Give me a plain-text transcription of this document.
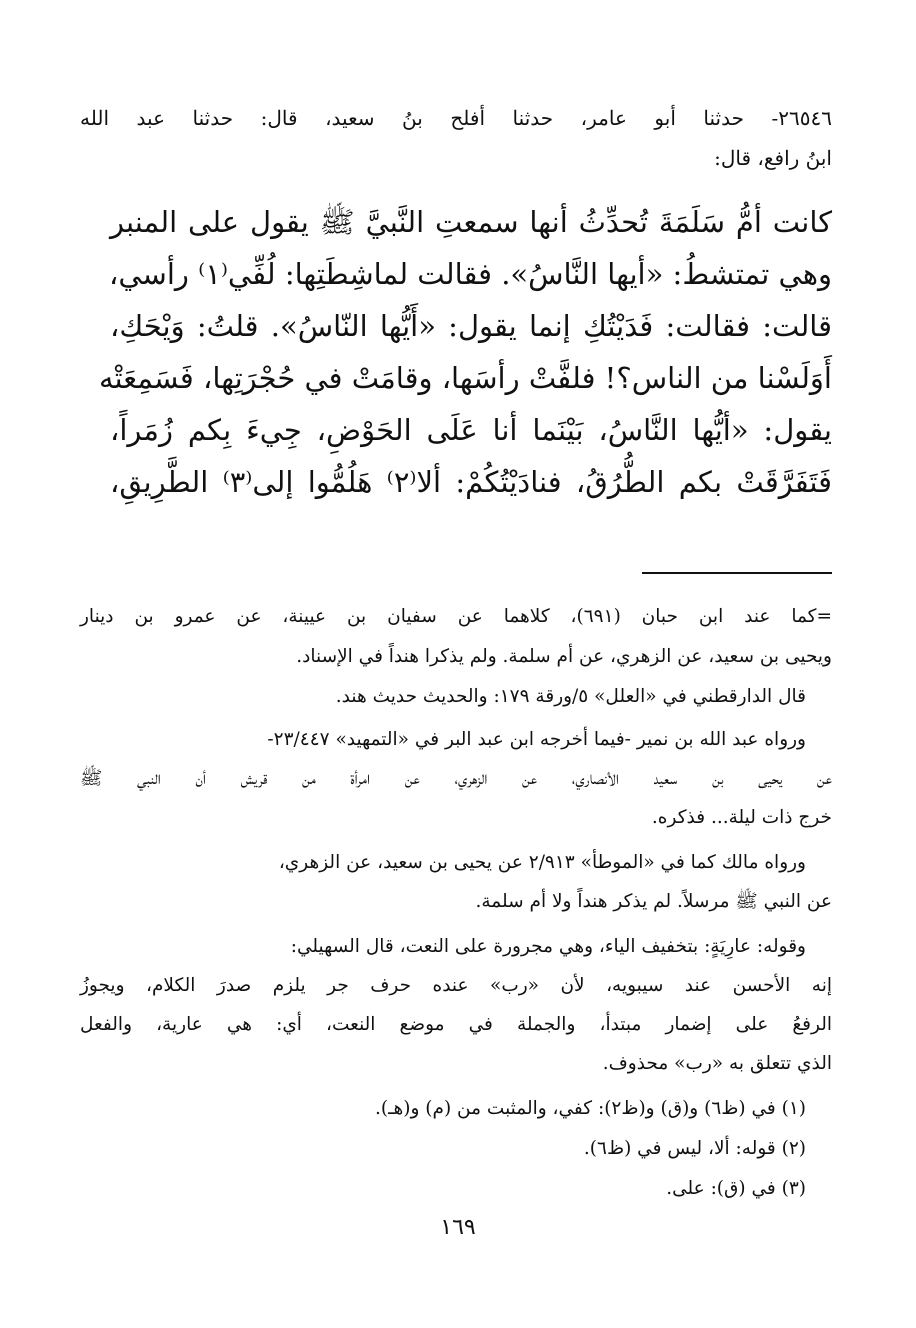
٢٦٥٤٦- حدثنا أبو عامر، حدثنا أفلح بنُ سعيد، قال: حدثنا عبد الله
ابنُ رافع، قال:
كانت أمُّ سَلَمَةَ تُحدِّثُ أنها سمعتِ النَّبيَّ ﷺ يقول على المنبر
وهي تمتشطُ: «أيها النَّاسُ». فقالت لماشِطَتِها: لُفِّي⁽١⁾ رأسي،
قالت: فقالت: فَدَيْتُكِ إنما يقول: «أَيُّها النّاسُ». قلتُ: وَيْحَكِ،
أَوَلَسْنا من الناس؟! فلفَّتْ رأسَها، وقامَتْ في حُجْرَتِها، فَسَمِعَتْه
يقول: «أيُّها النَّاسُ، بَيْنَما أنا عَلَى الحَوْضِ، جِيءَ بِكم زُمَراً،
فَتَفَرَّقَتْ بكم الطُّرُقُ، فنادَيْتُكُمْ: ألا⁽٢⁾ هَلُمُّوا إلى⁽٣⁾ الطَّرِيقِ،
=كما عند ابن حبان (٦٩١)، كلاهما عن سفيان بن عيينة، عن عمرو بن دينار
ويحيى بن سعيد، عن الزهري، عن أم سلمة. ولم يذكرا هنداً في الإسناد.
قال الدارقطني في «العلل» ٥/ورقة ١٧٩: والحديث حديث هند.
ورواه عبد الله بن نمير -فيما أخرجه ابن عبد البر في «التمهيد» ٢٣/٤٤٧-
عن يحيى بن سعيد الأنصاري، عن الزهري، عن امرأة من قريش أن النبي ﷺ
خرج ذات ليلة... فذكره.
ورواه مالك كما في «الموطأ» ٢/٩١٣ عن يحيى بن سعيد، عن الزهري،
عن النبي ﷺ مرسلاً. لم يذكر هنداً ولا أم سلمة.
وقوله: عارِيَةٍ: بتخفيف الياء، وهي مجرورة على النعت، قال السهيلي:
إنه الأحسن عند سيبويه، لأن «رب» عنده حرف جر يلزم صدرَ الكلام، ويجوزُ
الرفعُ على إضمار مبتدأ، والجملة في موضع النعت، أي: هي عارية، والفعل
الذي تتعلق به «رب» محذوف.
(١) في (ظ٦) و(ق) و(ظ٢): كفي، والمثبت من (م) و(هـ).
(٢) قوله: ألا، ليس في (ظ٦).
(٣) في (ق): على.
١٦٩
